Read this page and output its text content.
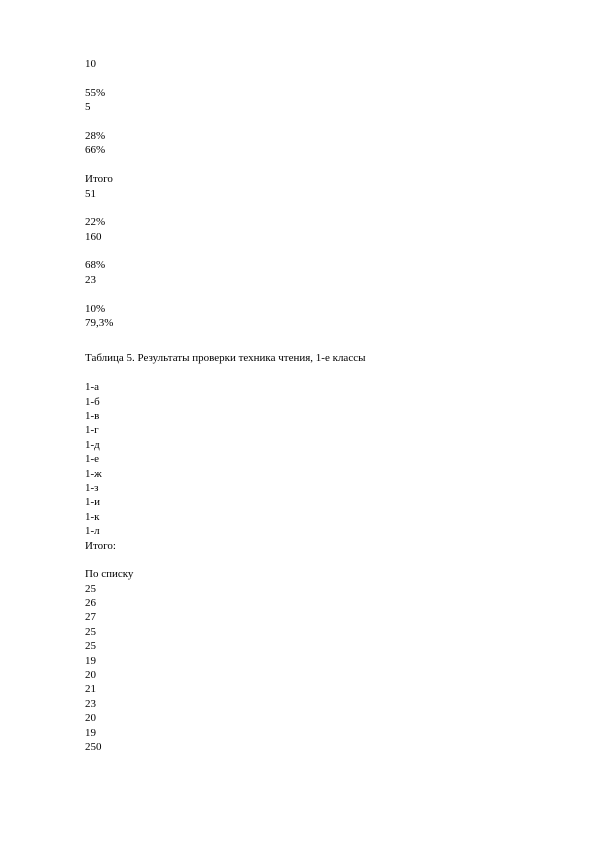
10
55%
5
28%
66%
Итого
51
22%
160
68%
23
10%
79,3%
Таблица 5. Результаты проверки техника чтения, 1-е классы
1-а
1-б
1-в
1-г
1-д
1-е
1-ж
1-з
1-и
1-к
1-л
Итого:
По списку
25
26
27
25
25
19
20
21
23
20
19
250
